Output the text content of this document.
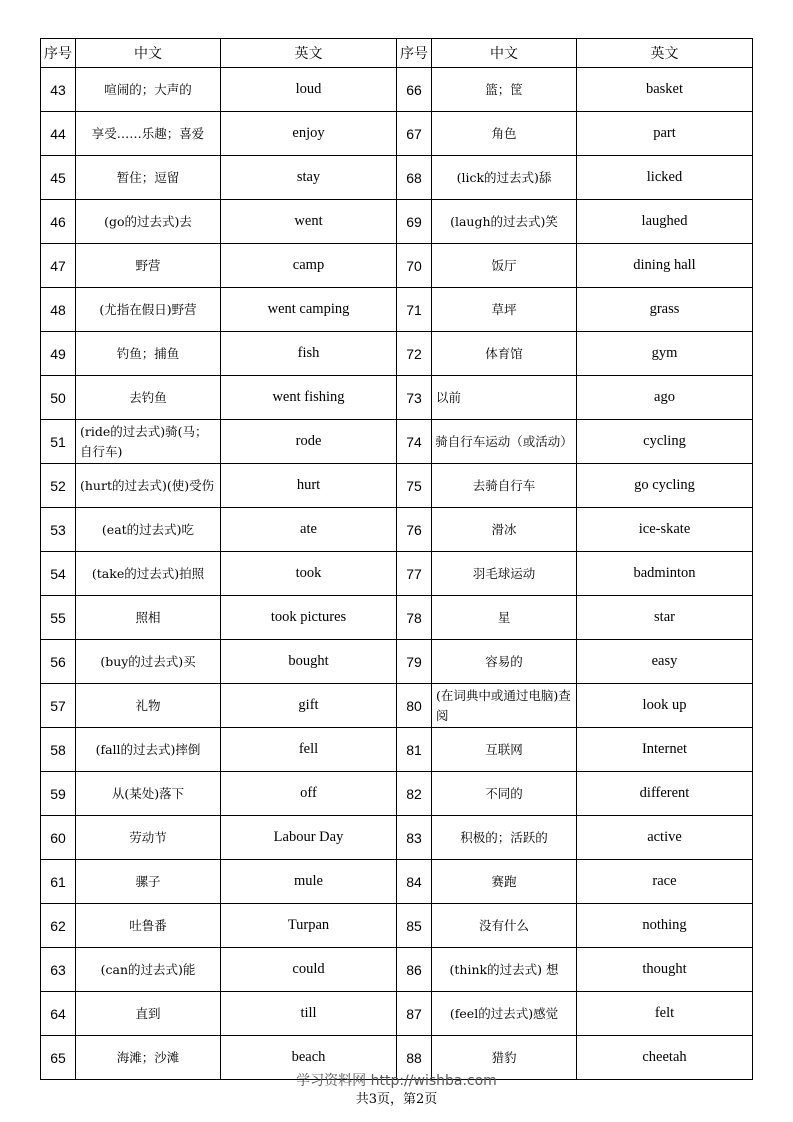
序号	中文	英文	序号	中文	英文
43	喧闹的；大声的	loud	66	篮；筐	basket
44	享受……乐趣；喜爱	enjoy	67	角色	part
45	暂住；逗留	stay	68	(lick的过去式)舔	licked
46	(go的过去式)去	went	69	(laugh的过去式)笑	laughed
47	野营	camp	70	饭厅	dining hall
48	(尤指在假日)野营	went camping	71	草坪	grass
49	钓鱼；捕鱼	fish	72	体育馆	gym
50	去钓鱼	went fishing	73	以前	ago
51	(ride的过去式)骑(马；自行车)	rode	74	骑自行车运动（或活动）	cycling
52	(hurt的过去式)(使)受伤	hurt	75	去骑自行车	go cycling
53	(eat的过去式)吃	ate	76	滑冰	ice-skate
54	(take的过去式)拍照	took	77	羽毛球运动	badminton
55	照相	took pictures	78	星	star
56	(buy的过去式)买	bought	79	容易的	easy
57	礼物	gift	80	(在词典中或通过电脑)查阅	look up
58	(fall的过去式)摔倒	fell	81	互联网	Internet
59	从(某处)落下	off	82	不同的	different
60	劳动节	Labour Day	83	积极的；活跃的	active
61	骡子	mule	84	赛跑	race
62	吐鲁番	Turpan	85	没有什么	nothing
63	(can的过去式)能	could	86	(think的过去式) 想	thought
64	直到	till	87	(feel的过去式)感觉	felt
65	海滩；沙滩	beach	88	猎豹	cheetah
学习资料网 http://wishba.com
共3页，第2页
